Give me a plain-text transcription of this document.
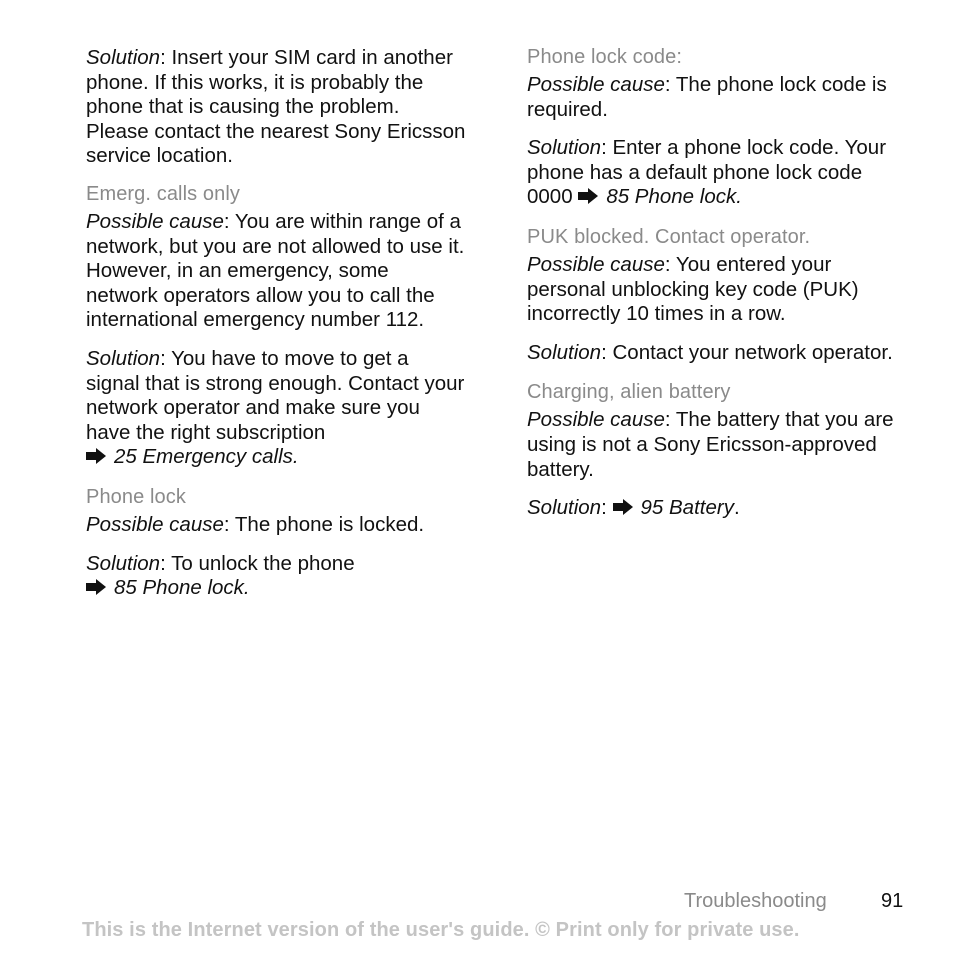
Solution: Insert your SIM card in another phone. If this works, it is probably the phone that is causing the problem. Please contact the nearest Sony Ericsson service location.

Emerg. calls only

Possible cause: You are within range of a network, but you are not allowed to use it. However, in an emergency, some network operators allow you to call the international emergency number 112.

Solution: You have to move to get a signal that is strong enough. Contact your network operator and make sure you have the right subscription

25 Emergency calls.

Phone lock

Possible cause: The phone is locked.

Solution: To unlock the phone

85 Phone lock.

Phone lock code:

Possible cause: The phone lock code is required.

Solution: Enter a phone lock code. Your phone has a default phone lock code 0000 85 Phone lock.

PUK blocked. Contact operator.

Possible cause: You entered your personal unblocking key code (PUK) incorrectly 10 times in a row.

Solution: Contact your network operator.

Charging, alien battery

Possible cause: The battery that you are using is not a Sony Ericsson-approved battery.

Solution: 95 Battery.

Troubleshooting	91
This is the Internet version of the user's guide. © Print only for private use.
